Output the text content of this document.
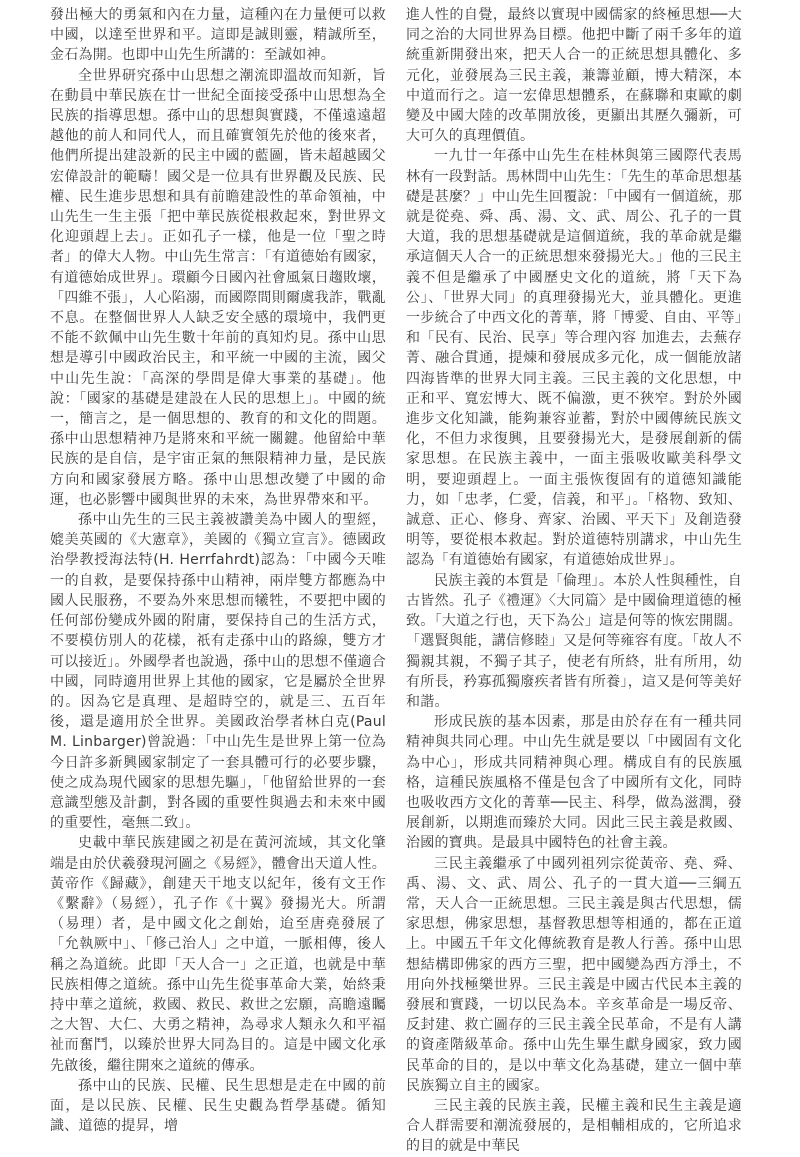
發出極大的勇氣和內在力量，這種內在力量便可以救中國，以達至世界和平。這即是誠則靈，精誠所至，金石為開。也即中山先生所講的：至誠如神。

全世界研究孫中山思想之潮流即溫故而知新，旨在動員中華民族在廿一世紀全面接受孫中山思想為全民族的指導思想。孫中山的思想與實踐，不僅遠遠超越他的前人和同代人，而且確實領先於他的後來者，他們所提出建設新的民主中國的藍圖，皆未超越國父宏偉設計的範疇！國父是一位具有世界觀及民族、民權、民生進步思想和具有前瞻建設性的革命領袖，中山先生一生主張「把中華民族從根救起來，對世界文化迎頭趕上去」。正如孔子一樣，他是一位「聖之時者」的偉大人物。中山先生常言：「有道德始有國家，有道德始成世界」。環顧今日國內社會風氣日趨敗壞，「四維不張」，人心陷溺，而國際間則爾虞我詐，戰亂不息。在整個世界人人缺乏安全感的環境中，我們更不能不欽佩中山先生數十年前的真知灼見。孫中山思想是導引中國政治民主，和平統一中國的主流，國父中山先生說：「高深的學問是偉大事業的基礎」。他說：「國家的基礎是建設在人民的思想上」。中國的統一，簡言之，是一個思想的、教育的和文化的問題。孫中山思想精神乃是將來和平統一關鍵。他留給中華民族的是自信，是宇宙正氣的無限精神力量，是民族方向和國家發展方略。孫中山思想改變了中國的命運，也必影響中國與世界的未來，為世界帶來和平。

孫中山先生的三民主義被讚美為中國人的聖經，媲美英國的《大憲章》，美國的《獨立宣言》。德國政治學教授海法特(H. Herrfahrdt)認為：「中國今天唯一的自救，是要保持孫中山精神，兩岸雙方都應為中國人民服務，不要為外來思想而犧牲，不要把中國的任何部份變成外國的附庸，要保持自己的生活方式，不要模仿別人的花樣，祇有走孫中山的路線，雙方才可以接近」。外國學者也說過，孫中山的思想不僅適合中國，同時適用世界上其他的國家，它是屬於全世界的。因為它是真理、是超時空的，就是三、五百年後，還是適用於全世界。美國政治學者林白克(Paul M. Linbarger)曾說過：「中山先生是世界上第一位為今日許多新興國家制定了一套具體可行的必要步驟，使之成為現代國家的思想先驅」，「他留給世界的一套意識型態及計劃，對各國的重要性與過去和未來中國的重要性，毫無二致」。

史載中華民族建國之初是在黃河流域，其文化肇端是由於伏羲發現河圖之《易經》，體會出天道人性。黃帝作《歸藏》，創建天干地支以紀年，後有文王作《繫辭》（易經），孔子作《十翼》發揚光大。所謂（易理）者，是中國文化之創始，迨至唐堯發展了「允執厥中」、「修己治人」之中道，一脈相傳，後人稱之為道統。此即「天人合一」之正道，也就是中華民族相傳之道統。孫中山先生從事革命大業，始終秉持中華之道統，救國、救民、救世之宏願，高瞻遠矚之大智、大仁、大勇之精神，為尋求人類永久和平福祉而奮鬥，以臻於世界大同為目的。這是中國文化承先啟後，繼往開來之道統的傳承。

孫中山的民族、民權、民生思想是走在中國的前面，是以民族、民權、民生史觀為哲學基礎。循知識、道德的提昇，增

進人性的自覺，最終以實現中國儒家的終極思想──大同之治的大同世界為目標。他把中斷了兩千多年的道統重新開發出來，把天人合一的正統思想具體化、多元化，並發展為三民主義，兼籌並顧，博大精深，本中道而行之。這一宏偉思想體系，在蘇聯和東歐的劇變及中國大陸的改革開放後，更顯出其歷久彌新，可大可久的真理價值。

一九廿一年孫中山先生在桂林與第三國際代表馬林有一段對話。馬林問中山先生：「先生的革命思想基礎是甚麼？」中山先生回覆說：「中國有一個道統，那就是從堯、舜、禹、湯、文、武、周公、孔子的一貫大道，我的思想基礎就是這個道統，我的革命就是繼承這個天人合一的正統思想來發揚光大。」他的三民主義不但是繼承了中國歷史文化的道統，將「天下為公」、「世界大同」的真理發揚光大，並具體化。更進一步統合了中西文化的菁華，將「博愛、自由、平等」和「民有、民治、民享」等合理內容 加進去，去蕪存菁、融合貫通，提煉和發展成多元化，成一個能放諸四海皆準的世界大同主義。三民主義的文化思想，中正和平、寬宏博大、既不偏激，更不狹窄。對於外國進步文化知識，能夠兼容並蓄，對於中國傳統民族文化，不但力求復興，且要發揚光大，是發展創新的儒家思想。在民族主義中，一面主張吸收歐美科學文明，要迎頭趕上。一面主張恢復固有的道德知識能力，如「忠孝，仁愛，信義，和平」。「格物、致知、誠意、正心、修身、齊家、治國、平天下」及創造發明等，要從根本救起。對於道德特別講求，中山先生認為「有道德始有國家，有道德始成世界」。

民族主義的本質是「倫理」。本於人性與種性，自古皆然。孔子《禮運》〈大同篇〉是中國倫理道德的極致。「大道之行也，天下為公」這是何等的恢宏開闊。「選賢與能，講信修睦」又是何等雍容有度。「故人不獨親其親，不獨子其子，使老有所終，壯有所用，幼有所長，矜寡孤獨廢疾者皆有所養」，這又是何等美好和諧。

形成民族的基本因素，那是由於存在有一種共同精神與共同心理。中山先生就是要以「中國固有文化為中心」，形成共同精神與心理。構成自有的民族風格，這種民族風格不僅是包含了中國所有文化，同時也吸收西方文化的菁華──民主、科學，做為滋潤，發展創新，以期進而臻於大同。因此三民主義是救國、治國的寶典。是最具中國特色的社會主義。

三民主義繼承了中國列祖列宗從黃帝、堯、舜、禹、湯、文、武、周公、孔子的一貫大道──三綱五常，天人合一正統思想。三民主義是與古代思想，儒家思想，佛家思想，基督教思想等相通的，都在正道上。中國五千年文化傳統教育是教人行善。孫中山思想結構即佛家的西方三聖，把中國變為西方淨土，不用向外找極樂世界。三民主義是中國古代民本主義的發展和實踐，一切以民為本。辛亥革命是一場反帝、反封建、救亡圖存的三民主義全民革命，不是有人講的資產階級革命。孫中山先生畢生獻身國家，致力國民革命的目的，是以中華文化為基礎，建立一個中華民族獨立自主的國家。

三民主義的民族主義，民權主義和民生主義是適合人群需要和潮流發展的，是相輔相成的，它所追求的目的就是中華民
